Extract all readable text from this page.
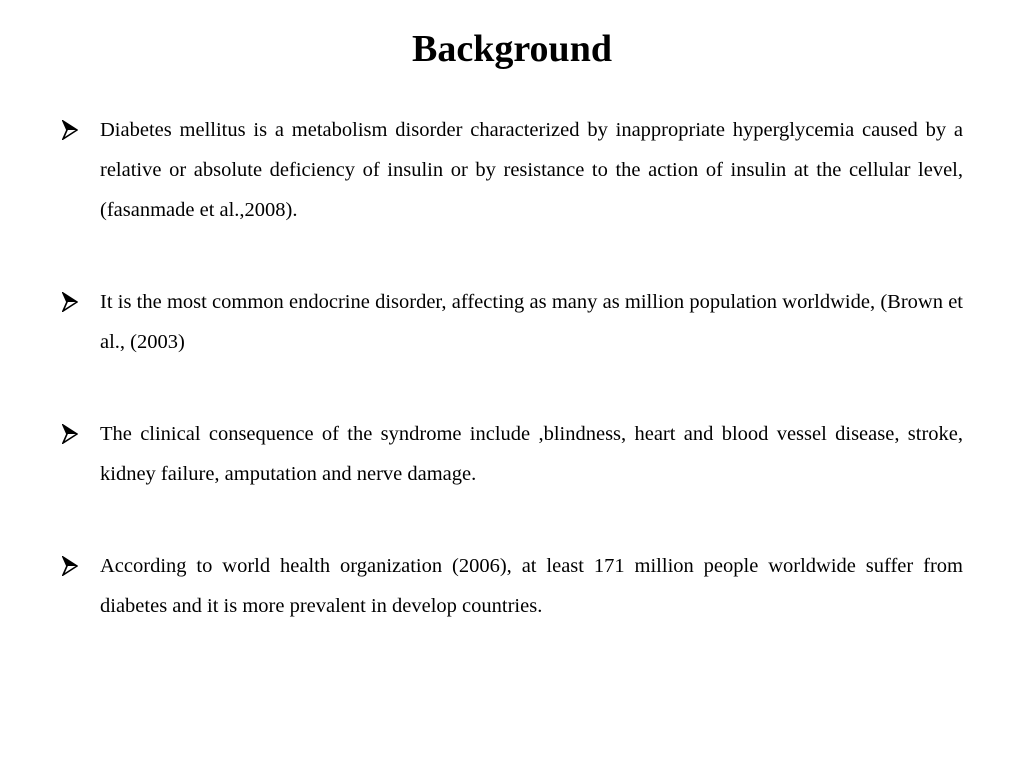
Background
Diabetes mellitus is a metabolism disorder characterized by inappropriate hyperglycemia caused by a relative or absolute deficiency of insulin or by resistance to the action of insulin at the cellular level,(fasanmade et al.,2008).
It is the most common endocrine disorder, affecting as many as million population worldwide, (Brown et al., (2003)
The clinical consequence of the syndrome include ,blindness, heart and blood vessel disease, stroke, kidney failure, amputation and nerve damage.
According to world health organization (2006), at least 171 million people worldwide suffer from diabetes and it is more prevalent in develop countries.
